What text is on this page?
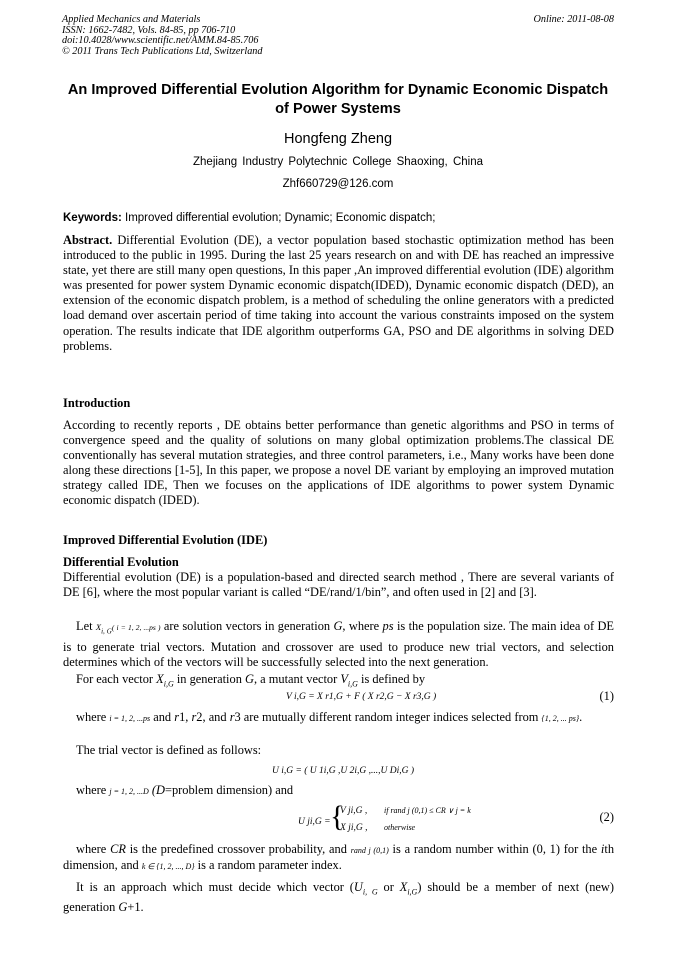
Applied Mechanics and Materials
ISSN: 1662-7482, Vols. 84-85, pp 706-710
doi:10.4028/www.scientific.net/AMM.84-85.706
© 2011 Trans Tech Publications Ltd, Switzerland
Online: 2011-08-08
An Improved Differential Evolution Algorithm for Dynamic Economic Dispatch of Power Systems
Hongfeng Zheng
Zhejiang Industry Polytechnic College Shaoxing, China
Zhf660729@126.com
Keywords: Improved differential evolution; Dynamic; Economic dispatch;
Abstract. Differential Evolution (DE), a vector population based stochastic optimization method has been introduced to the public in 1995. During the last 25 years research on and with DE has reached an impressive state, yet there are still many open questions, In this paper ,An improved differential evolution (IDE) algorithm was presented for power system Dynamic economic dispatch(IDED), Dynamic economic dispatch (DED), an extension of the economic dispatch problem, is a method of scheduling the online generators with a predicted load demand over ascertain period of time taking into account the various constraints imposed on the system operation. The results indicate that IDE algorithm outperforms GA, PSO and DE algorithms in solving DED problems.
Introduction
According to recently reports , DE obtains better performance than genetic algorithms and PSO in terms of convergence speed and the quality of solutions on many global optimization problems.The classical DE conventionally has several mutation strategies, and three control parameters, i.e., Many works have been done along these directions [1-5], In this paper, we propose a novel DE variant by employing an improved mutation strategy called IDE, Then we focuses on the applications of IDE algorithms to power system Dynamic economic dispatch (IDED).
Improved Differential Evolution (IDE)
Differential Evolution
Differential evolution (DE) is a population-based and directed search method , There are several variants of DE [6], where the most popular variant is called “DE/rand/1/bin”, and often used in [2] and [3].
Let $X_{i, G}$( i = 1, 2, ...ps ) are solution vectors in generation G, where ps is the population size. The main idea of DE is to generate trial vectors. Mutation and crossover are used to produce new trial vectors, and selection determines which of the vectors will be successfully selected into the next generation.
For each vector $X_{i,G}$ in generation G, a mutant vector $V_{i,G}$ is defined by
V i,G = X r1,G + F ( X r2,G − X r3,G )	(1)
where i = 1, 2, ...ps and r1, r2, and r3 are mutually different random integer indices selected from {1, 2, ... ps}.
The trial vector is defined as follows:
U i,G = ( U 1i,G ,U 2i,G ,...,U Di,G )
where j = 1, 2, ...D (D=problem dimension) and
U ji,G = {
V ji,G , if rand j (0,1) ≤ CR ∨ j = k
X ji,G , otherwise
(2)
where CR is the predefined crossover probability, and rand j (0,1) is a random number within (0, 1) for the ith dimension, and k ∈ {1, 2, ..., D} is a random parameter index.
It is an approach which must decide which vector ($U_{i, G}$ or $X_{i,G}$) should be a member of next (new) generation G+1.
